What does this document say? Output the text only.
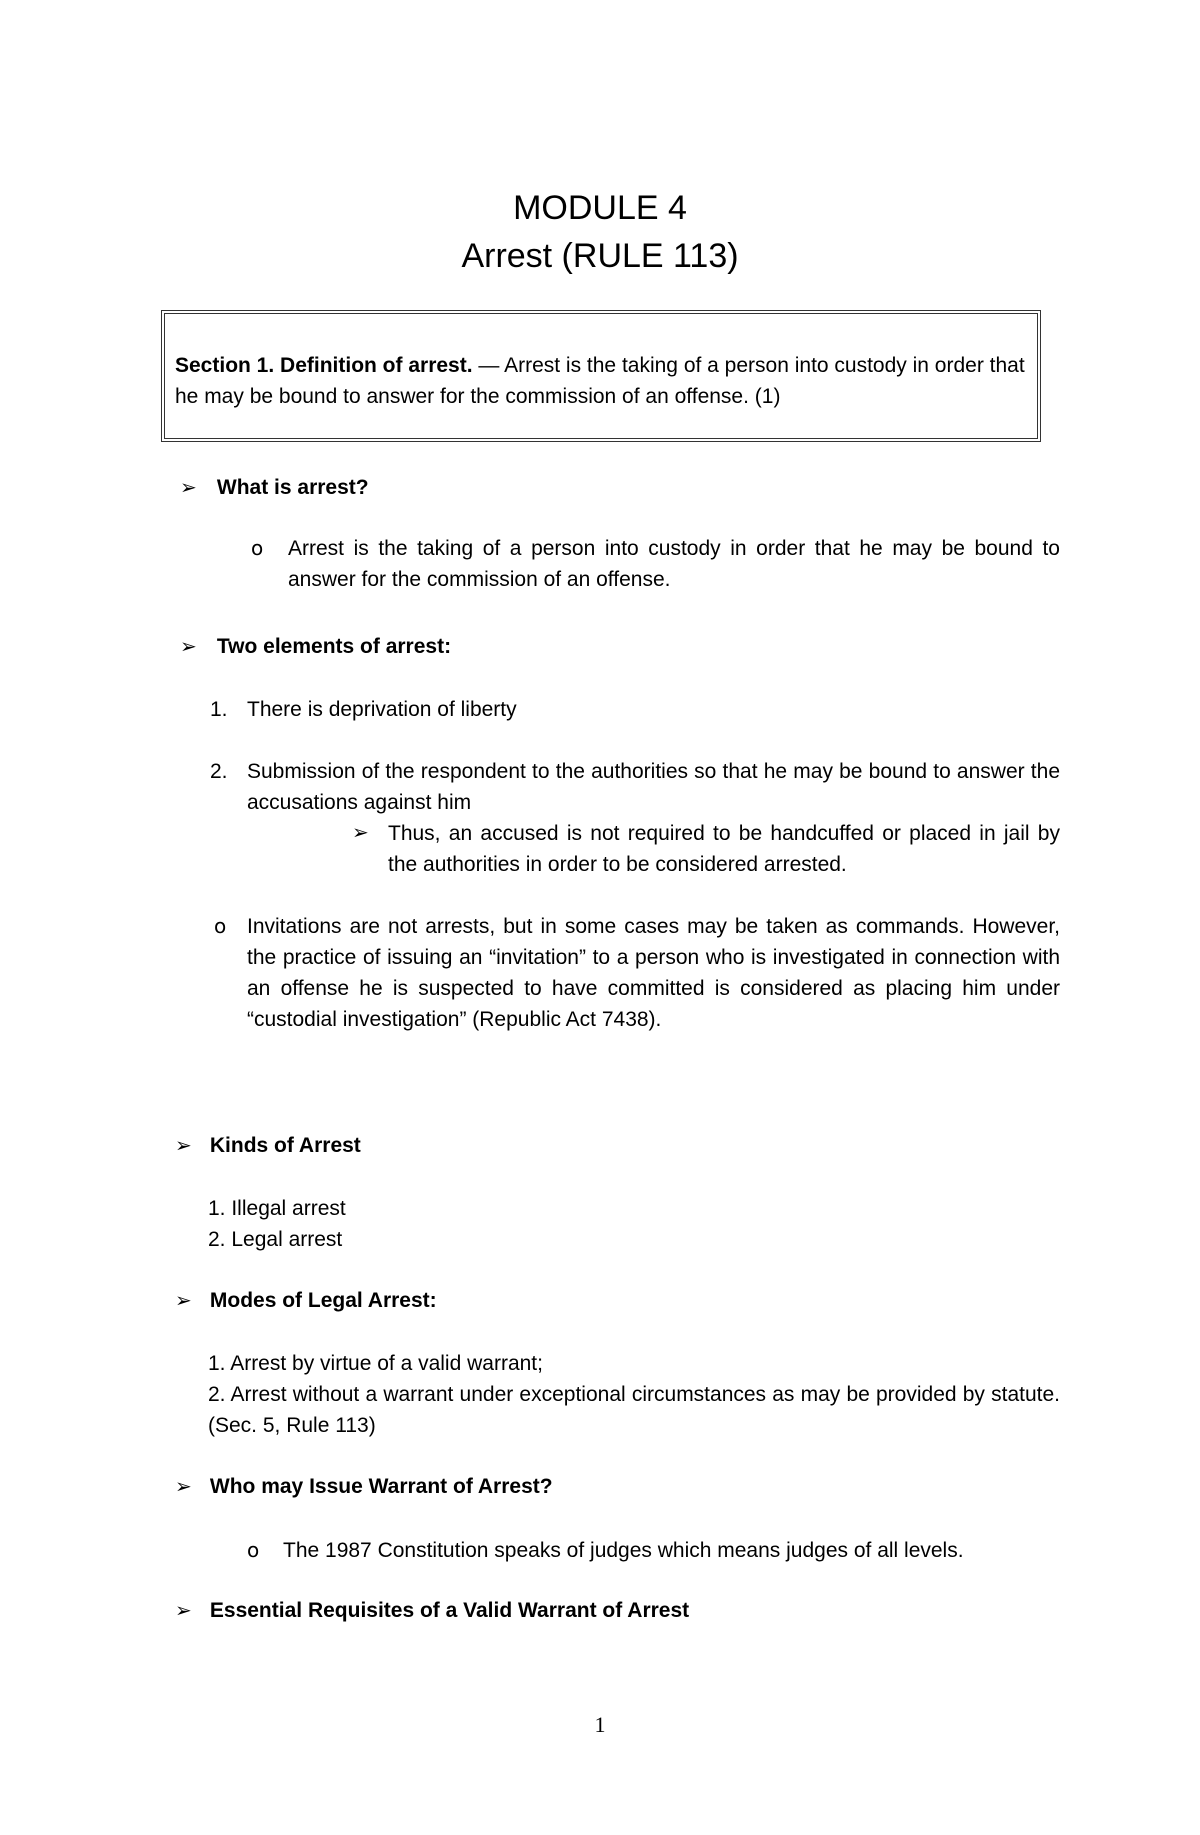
MODULE 4
Arrest (RULE 113)
Section 1. Definition of arrest. — Arrest is the taking of a person into custody in order that he may be bound to answer for the commission of an offense. (1)
➢ What is arrest?
o Arrest is the taking of a person into custody in order that he may be bound to answer for the commission of an offense.
➢ Two elements of arrest:
1. There is deprivation of liberty
2. Submission of the respondent to the authorities so that he may be bound to answer the accusations against him
➢ Thus, an accused is not required to be handcuffed or placed in jail by the authorities in order to be considered arrested.
o Invitations are not arrests, but in some cases may be taken as commands. However, the practice of issuing an “invitation” to a person who is investigated in connection with an offense he is suspected to have committed is considered as placing him under “custodial investigation” (Republic Act 7438).
➢ Kinds of Arrest
1. Illegal arrest
2. Legal arrest
➢ Modes of Legal Arrest:
1. Arrest by virtue of a valid warrant;
2. Arrest without a warrant under exceptional circumstances as may be provided by statute. (Sec. 5, Rule 113)
➢ Who may Issue Warrant of Arrest?
o The 1987 Constitution speaks of judges which means judges of all levels.
➢ Essential Requisites of a Valid Warrant of Arrest
1
